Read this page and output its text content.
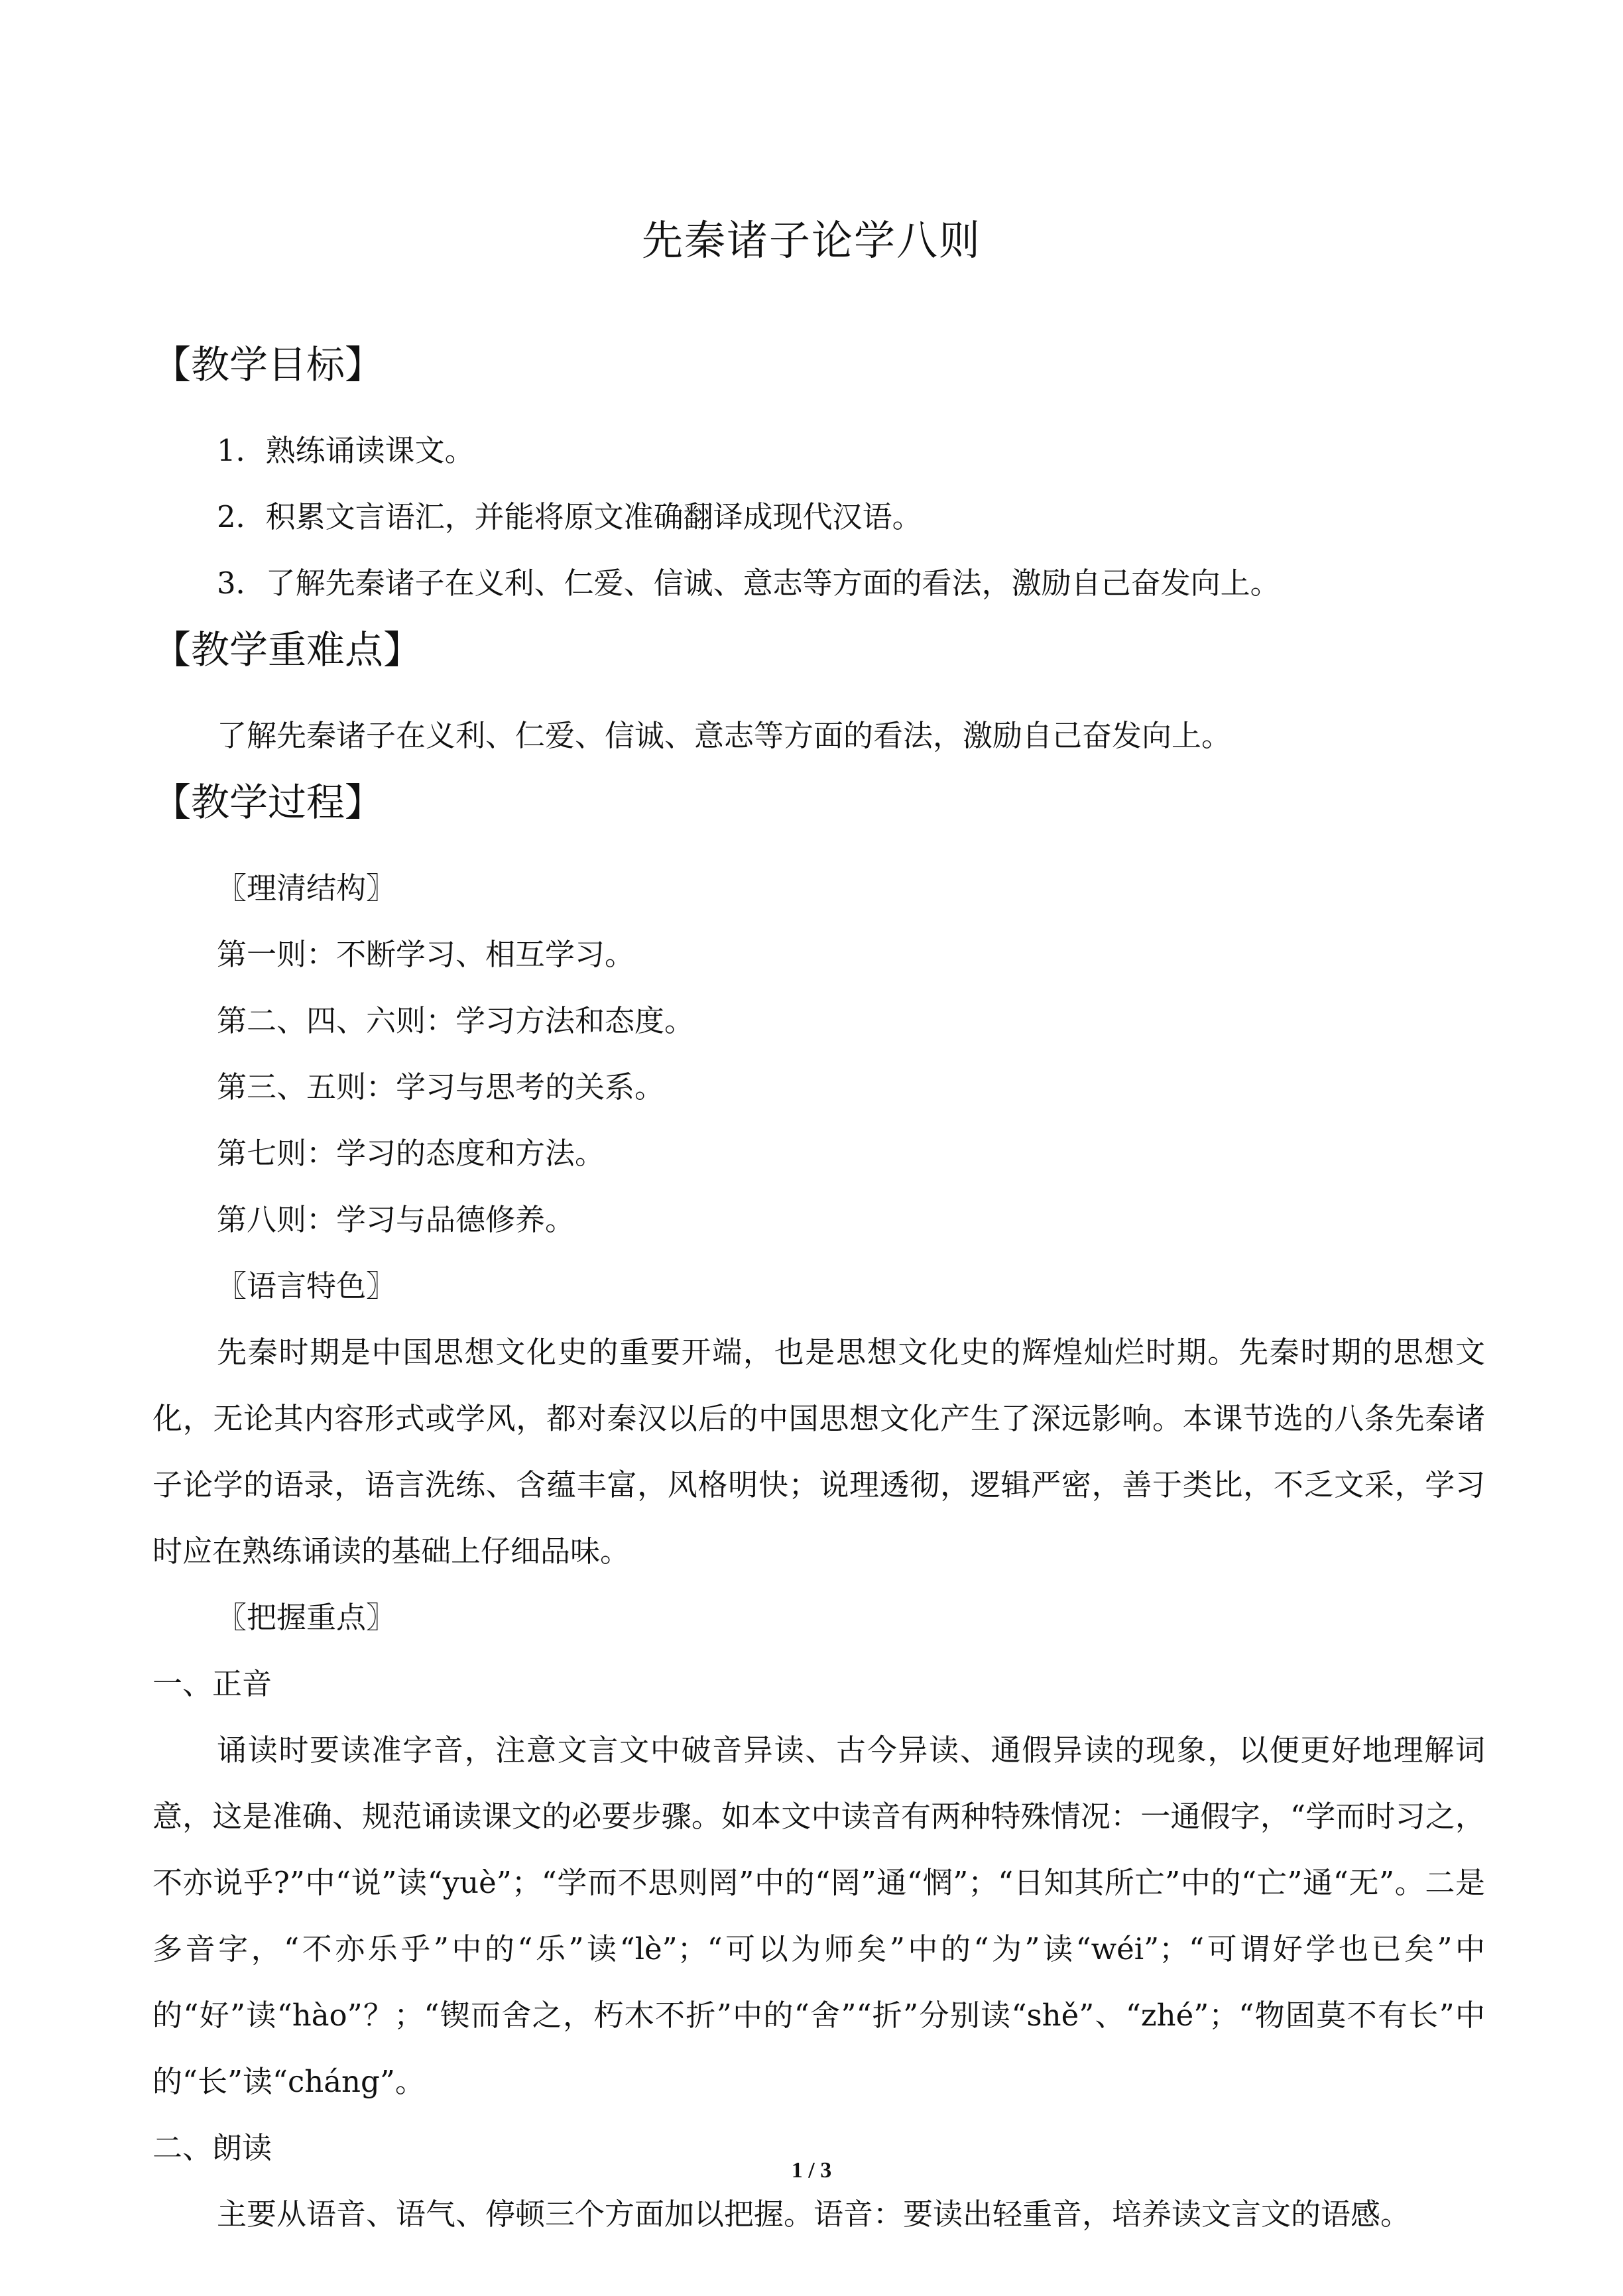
先秦诸子论学八则
【教学目标】
1．熟练诵读课文。
2．积累文言语汇，并能将原文准确翻译成现代汉语。
3．了解先秦诸子在义利、仁爱、信诚、意志等方面的看法，激励自己奋发向上。
【教学重难点】
了解先秦诸子在义利、仁爱、信诚、意志等方面的看法，激励自己奋发向上。
【教学过程】
〖理清结构〗
第一则：不断学习、相互学习。
第二、四、六则：学习方法和态度。
第三、五则：学习与思考的关系。
第七则：学习的态度和方法。
第八则：学习与品德修养。
〖语言特色〗
先秦时期是中国思想文化史的重要开端，也是思想文化史的辉煌灿烂时期。先秦时期的思想文化，无论其内容形式或学风，都对秦汉以后的中国思想文化产生了深远影响。本课节选的八条先秦诸子论学的语录，语言洗练、含蕴丰富，风格明快；说理透彻，逻辑严密，善于类比，不乏文采，学习时应在熟练诵读的基础上仔细品味。
〖把握重点〗
一、正音
诵读时要读准字音，注意文言文中破音异读、古今异读、通假异读的现象，以便更好地理解词意，这是准确、规范诵读课文的必要步骤。如本文中读音有两种特殊情况：一通假字，“学而时习之，不亦说乎?”中“说”读“yuè”；“学而不思则罔”中的“罔”通“惘”；“日知其所亡”中的“亡”通“无”。二是多音字，“不亦乐乎”中的“乐”读“lè”；“可以为师矣”中的“为”读“wéi”；“可谓好学也已矣”中的“好”读“hào”？；“锲而舍之，朽木不折”中的“舍”“折”分别读“shě”、“zhé”；“物固莫不有长”中的“长”读“cháng”。
二、朗读
主要从语音、语气、停顿三个方面加以把握。语音：要读出轻重音，培养读文言文的语感。
1 / 3
